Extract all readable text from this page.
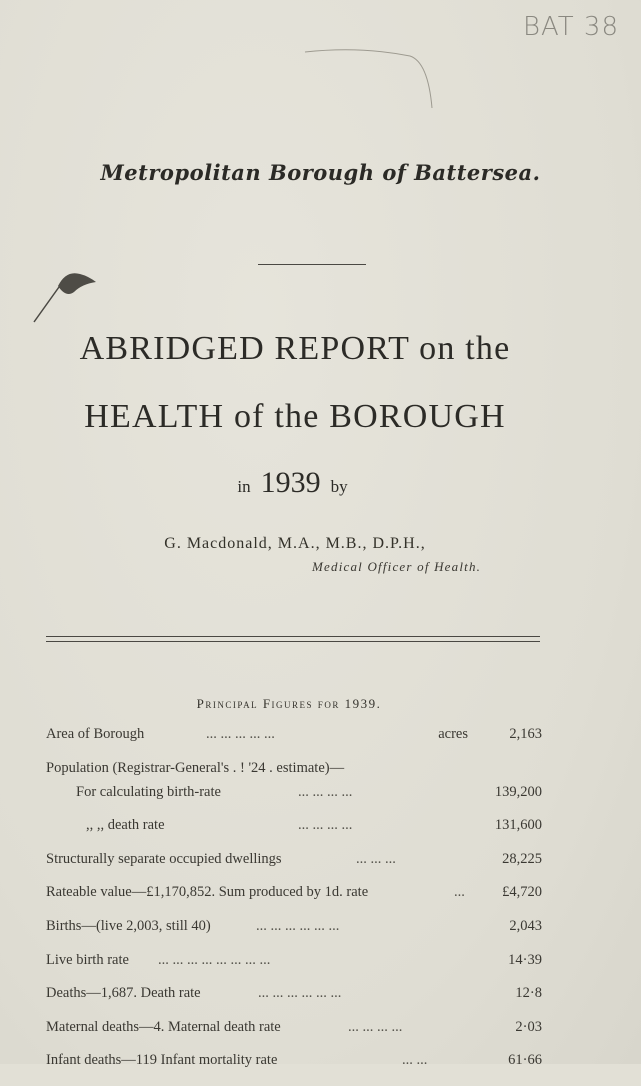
BAT 38
Metropolitan Borough of Battersea.
ABRIDGED REPORT on the
HEALTH of the BOROUGH
in 1939 by
G. Macdonald, M.A., M.B., D.P.H.,
Medical Officer of Health.
Principal Figures for 1939.
Area of Borough	... ... ... ... ...	acres	2,163
Population (Registrar-General's . ! '24 . estimate)—
For calculating birth-rate	... ... ... ...	139,200
,, ,, death rate	... ... ... ...	131,600
Structurally separate occupied dwellings	... ... ...	28,225
Rateable value—£1,170,852. Sum produced by 1d. rate	...	£4,720
Births—(live 2,003, still 40)	... ... ... ... ... ...	2,043
Live birth rate ... ... ... ... ... ... ... ...	14·39
Deaths—1,687. Death rate	... ... ... ... ... ...	12·8
Maternal deaths—4. Maternal death rate	... ... ... ...	2·03
Infant deaths—119 Infant mortality rate	... ...	61·66
